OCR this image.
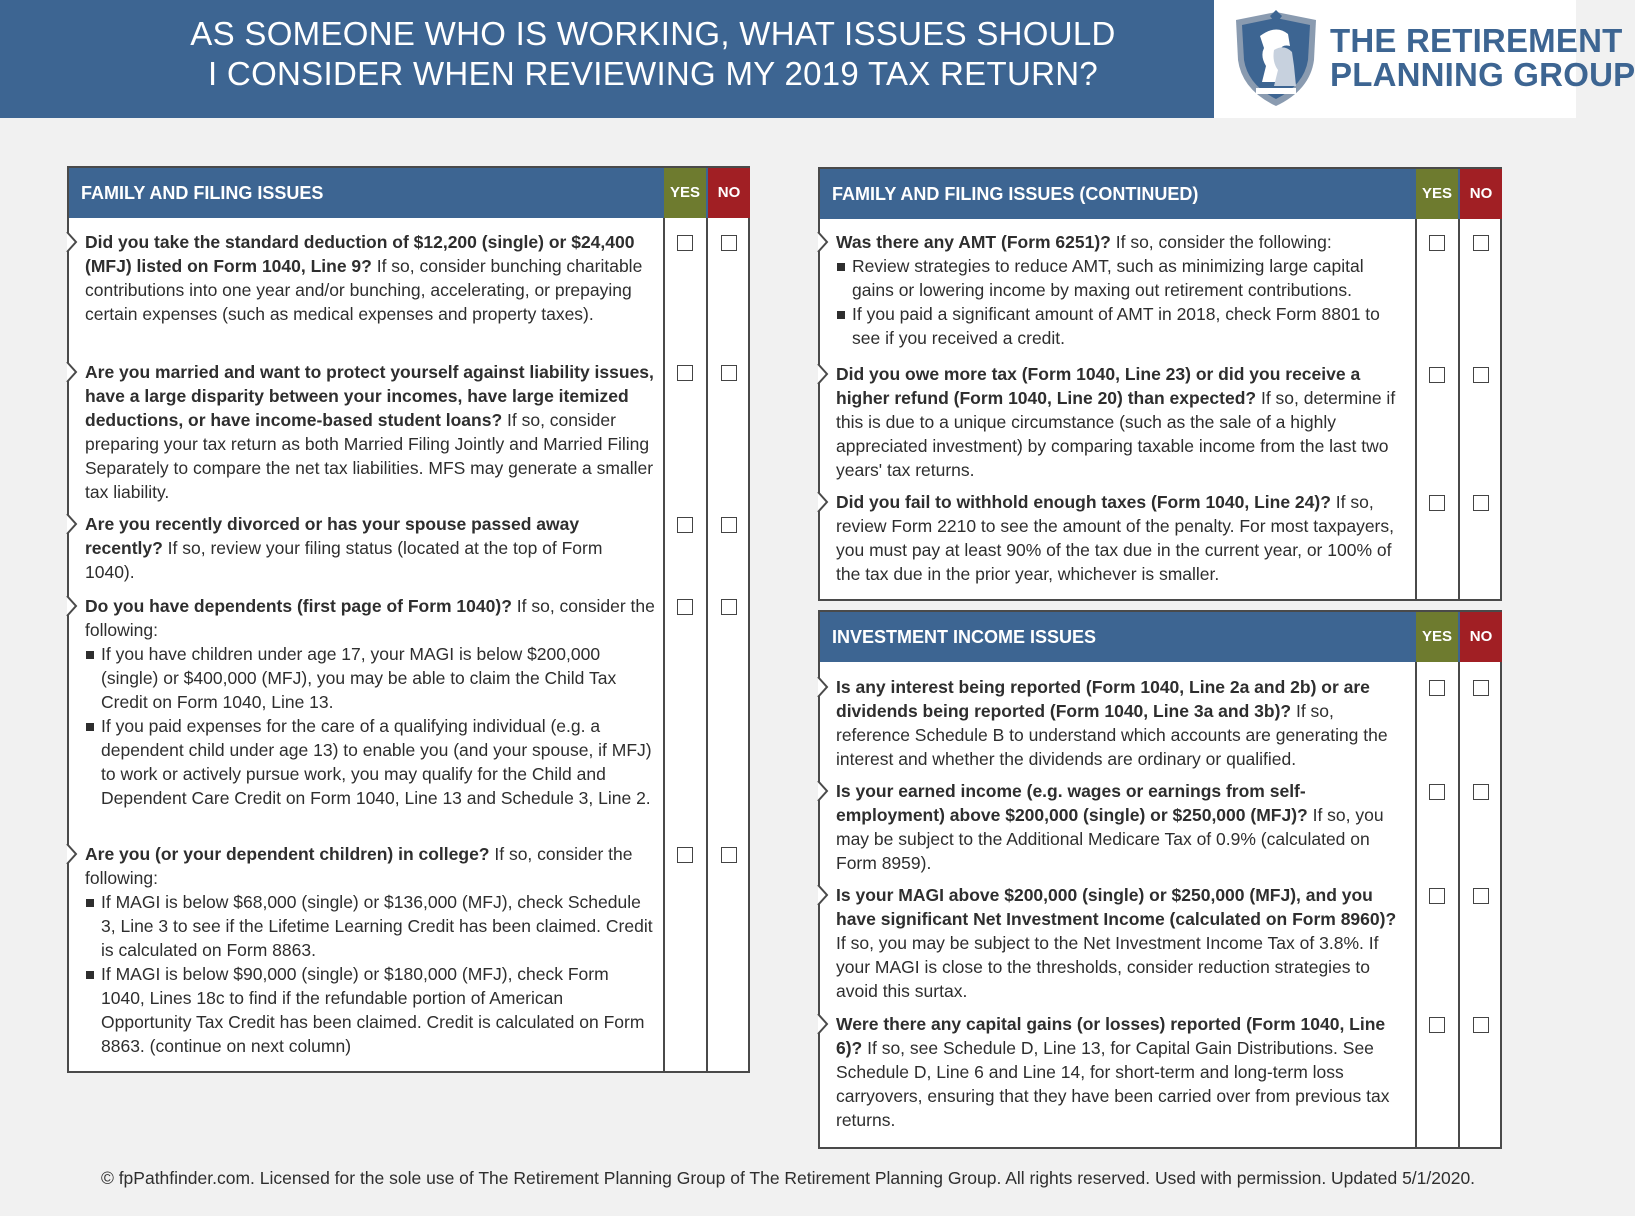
AS SOMEONE WHO IS WORKING, WHAT ISSUES SHOULD
I CONSIDER WHEN REVIEWING MY 2019 TAX RETURN?
THE RETIREMENT
PLANNING GROUP
FAMILY AND FILING ISSUES	YES	NO
Did you take the standard deduction of $12,200 (single) or $24,400 (MFJ) listed on Form 1040, Line 9? If so, consider bunching charitable contributions into one year and/or bunching, accelerating, or prepaying certain expenses (such as medical expenses and property taxes).
Are you married and want to protect yourself against liability issues, have a large disparity between your incomes, have large itemized deductions, or have income-based student loans? If so, consider preparing your tax return as both Married Filing Jointly and Married Filing Separately to compare the net tax liabilities. MFS may generate a smaller tax liability.
Are you recently divorced or has your spouse passed away recently? If so, review your filing status (located at the top of Form 1040).
Do you have dependents (first page of Form 1040)? If so, consider the following:
If you have children under age 17, your MAGI is below $200,000 (single) or $400,000 (MFJ), you may be able to claim the Child Tax Credit on Form 1040, Line 13.
If you paid expenses for the care of a qualifying individual (e.g. a dependent child under age 13) to enable you (and your spouse, if MFJ) to work or actively pursue work, you may qualify for the Child and Dependent Care Credit on Form 1040, Line 13 and Schedule 3, Line 2.
Are you (or your dependent children) in college? If so, consider the following:
If MAGI is below $68,000 (single) or $136,000 (MFJ), check Schedule 3, Line 3 to see if the Lifetime Learning Credit has been claimed. Credit is calculated on Form 8863.
If MAGI is below $90,000 (single) or $180,000 (MFJ), check Form 1040, Lines 18c to find if the refundable portion of American Opportunity Tax Credit has been claimed. Credit is calculated on Form 8863. (continue on next column)
FAMILY AND FILING ISSUES (CONTINUED)	YES	NO
Was there any AMT (Form 6251)? If so, consider the following:
Review strategies to reduce AMT, such as minimizing large capital gains or lowering income by maxing out retirement contributions.
If you paid a significant amount of AMT in 2018, check Form 8801 to see if you received a credit.
Did you owe more tax (Form 1040, Line 23) or did you receive a higher refund (Form 1040, Line 20) than expected? If so, determine if this is due to a unique circumstance (such as the sale of a highly appreciated investment) by comparing taxable income from the last two years' tax returns.
Did you fail to withhold enough taxes (Form 1040, Line 24)? If so, review Form 2210 to see the amount of the penalty. For most taxpayers, you must pay at least 90% of the tax due in the current year, or 100% of the tax due in the prior year, whichever is smaller.
INVESTMENT INCOME ISSUES	YES	NO
Is any interest being reported (Form 1040, Line 2a and 2b) or are dividends being reported (Form 1040, Line 3a and 3b)? If so, reference Schedule B to understand which accounts are generating the interest and whether the dividends are ordinary or qualified.
Is your earned income (e.g. wages or earnings from self-employment) above $200,000 (single) or $250,000 (MFJ)? If so, you may be subject to the Additional Medicare Tax of 0.9% (calculated on Form 8959).
Is your MAGI above $200,000 (single) or $250,000 (MFJ), and you have significant Net Investment Income (calculated on Form 8960)? If so, you may be subject to the Net Investment Income Tax of 3.8%. If your MAGI is close to the thresholds, consider reduction strategies to avoid this surtax.
Were there any capital gains (or losses) reported (Form 1040, Line 6)? If so, see Schedule D, Line 13, for Capital Gain Distributions. See Schedule D, Line 6 and Line 14, for short-term and long-term loss carryovers, ensuring that they have been carried over from previous tax returns.
© fpPathfinder.com. Licensed for the sole use of The Retirement Planning Group of The Retirement Planning Group. All rights reserved. Used with permission. Updated 5/1/2020.
